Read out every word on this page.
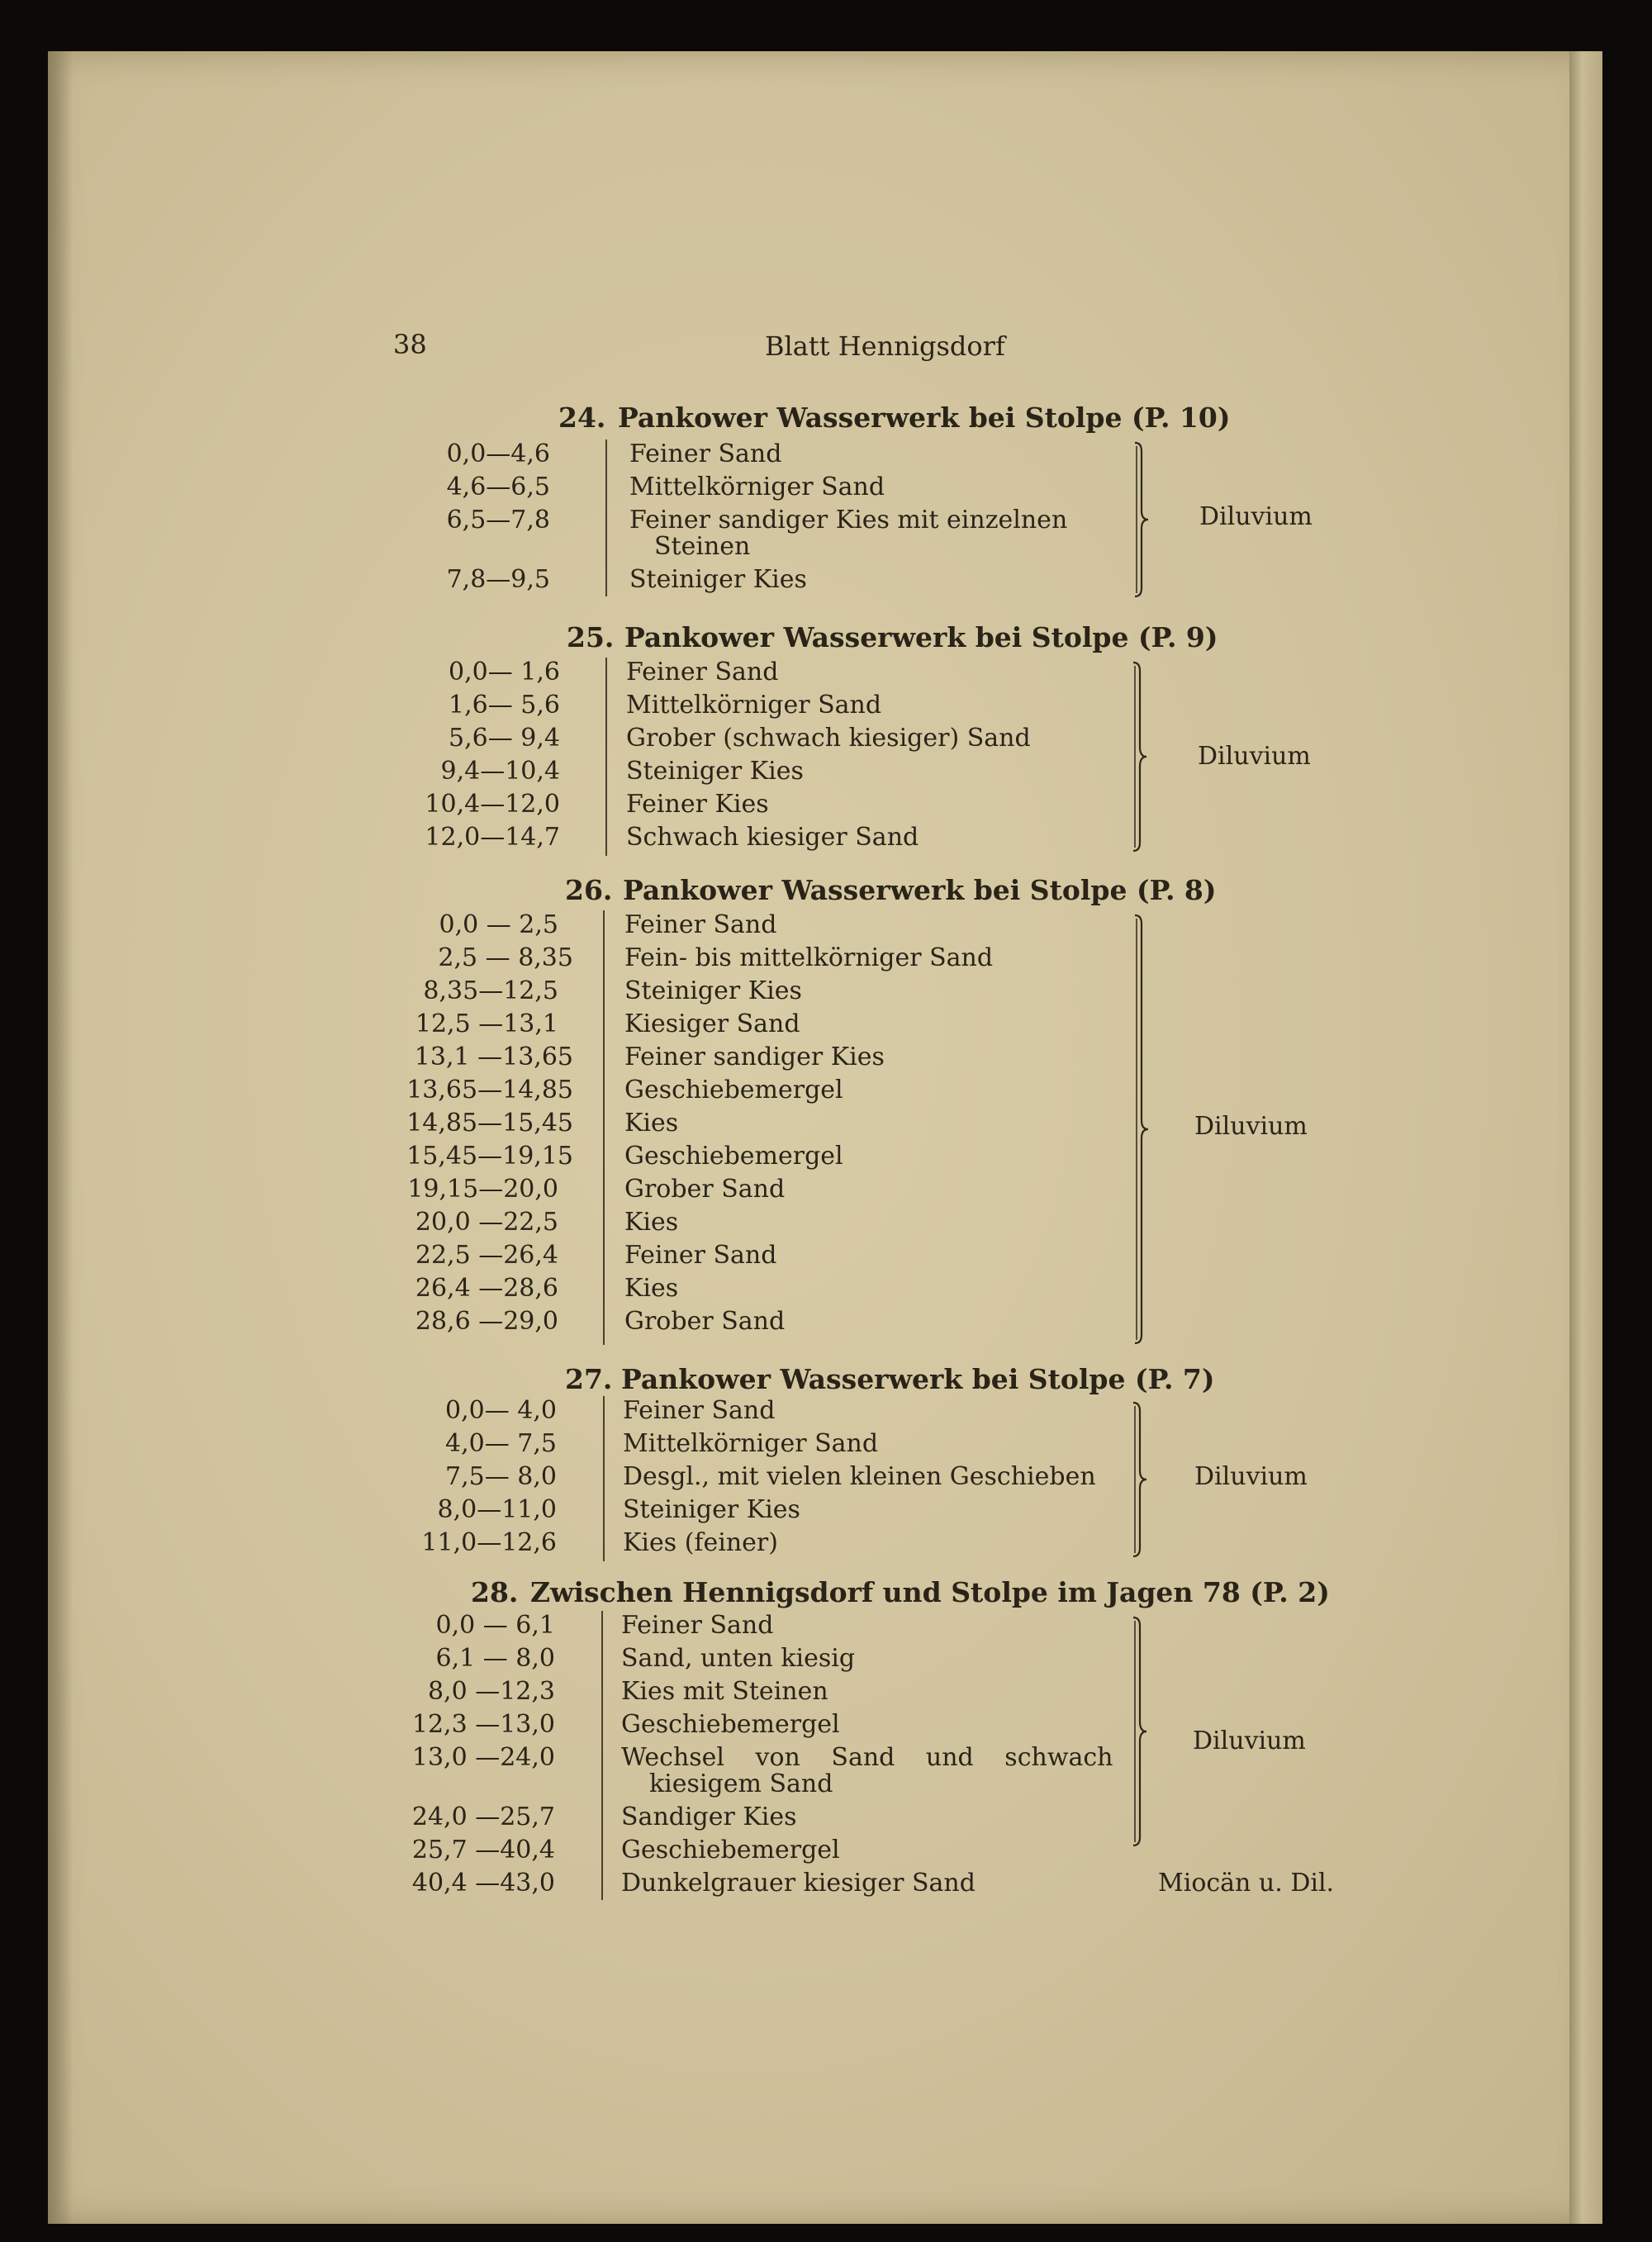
38	Blatt Hennigsdorf
24. Pankower Wasserwerk bei Stolpe (P. 10)
0,0—4,6	Feiner Sand
4,6—6,5	Mittelkörniger Sand
6,5—7,8	Feiner sandiger Kies mit einzelnen
Steinen
7,8—9,5	Steiniger Kies
Diluvium
25. Pankower Wasserwerk bei Stolpe (P. 9)
0,0— 1,6	Feiner Sand
1,6— 5,6	Mittelkörniger Sand
5,6— 9,4	Grober (schwach kiesiger) Sand
9,4—10,4	Steiniger Kies
10,4—12,0	Feiner Kies
12,0—14,7	Schwach kiesiger Sand
Diluvium
26. Pankower Wasserwerk bei Stolpe (P. 8)
0,0 — 2,5	Feiner Sand
2,5 — 8,35 Fein- bis mittelkörniger Sand
8,35—12,5	Steiniger Kies
12,5 —13,1	Kiesiger Sand
13,1 —13,65 Feiner sandiger Kies
13,65—14,85 Geschiebemergel
14,85—15,45 Kies
15,45—19,15 Geschiebemergel
19,15—20,0	Grober Sand
20,0 —22,5	Kies
22,5 —26,4	Feiner Sand
26,4 —28,6	Kies
28,6 —29,0	Grober Sand
Diluvium
27. Pankower Wasserwerk bei Stolpe (P. 7)
0,0— 4,0	Feiner Sand
4,0— 7,5	Mittelkörniger Sand
7,5— 8,0	Desgl., mit vielen kleinen Geschieben
8,0—11,0	Steiniger Kies
11,0—12,6	Kies (feiner)
Diluvium
28. Zwischen Hennigsdorf und Stolpe im Jagen 78 (P. 2)
0,0 — 6,1	Feiner Sand
6,1 — 8,0	Sand, unten kiesig
8,0 —12,3	Kies mit Steinen
12,3 —13,0	Geschiebemergel
13,0 —24,0	Wechsel von Sand und schwach
kiesigem Sand
24,0 —25,7	Sandiger Kies
25,7 —40,4	Geschiebemergel
40,4 —43,0	Dunkelgrauer kiesiger Sand
Diluvium
Miocän u. Dil.
